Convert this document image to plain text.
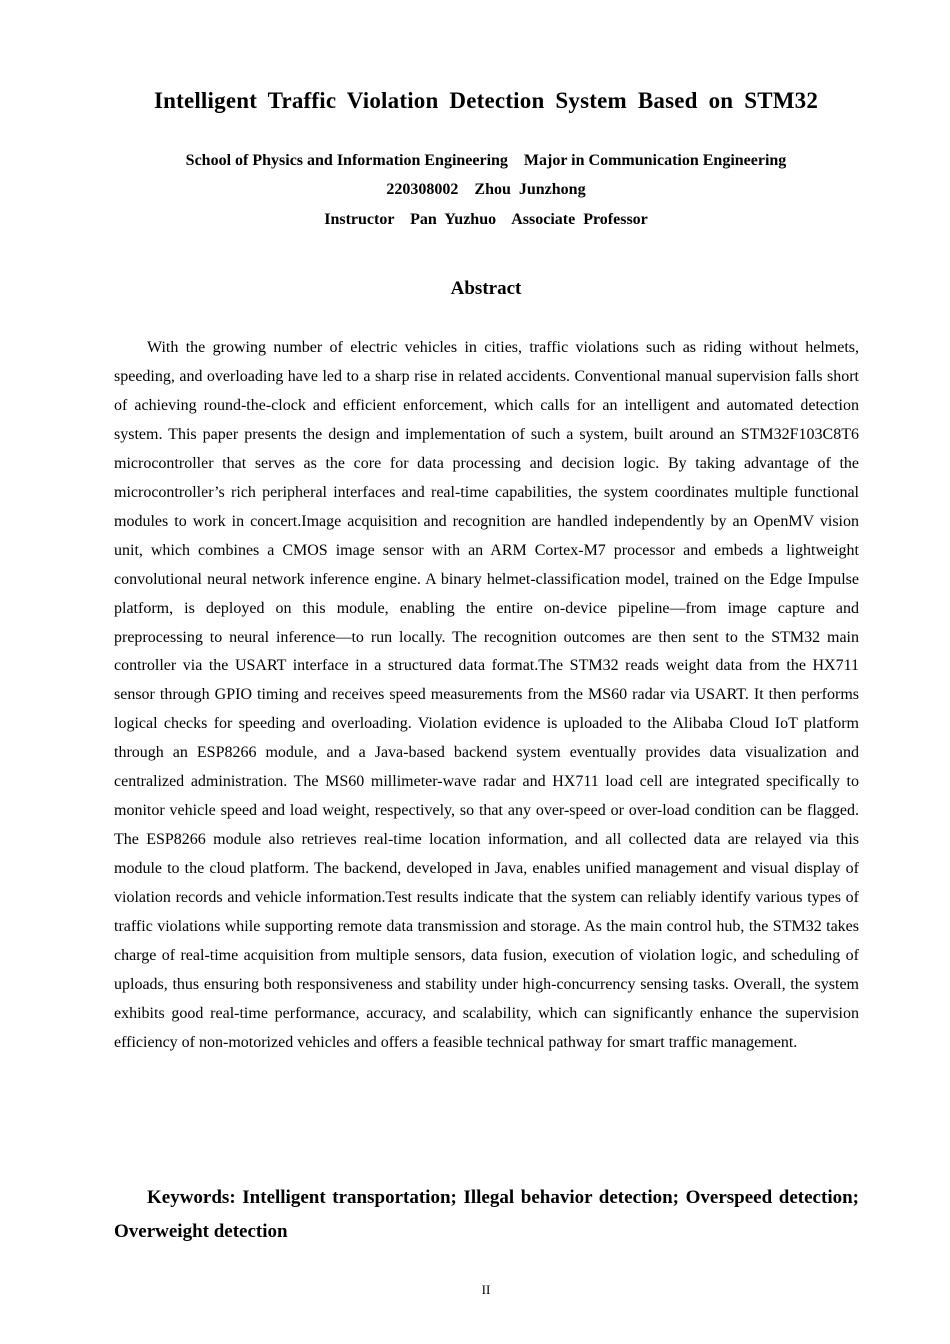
Intelligent Traffic Violation Detection System Based on STM32

School of Physics and Information Engineering    Major in Communication Engineering

220308002    Zhou  Junzhong

Instructor    Pan  Yuzhuo    Associate  Professor

Abstract

With the growing number of electric vehicles in cities, traffic violations such as riding without helmets, speeding, and overloading have led to a sharp rise in related accidents. Conventional manual supervision falls short of achieving round-the-clock and efficient enforcement, which calls for an intelligent and automated detection system. This paper presents the design and implementation of such a system, built around an STM32F103C8T6 microcontroller that serves as the core for data processing and decision logic. By taking advantage of the microcontroller’s rich peripheral interfaces and real-time capabilities, the system coordinates multiple functional modules to work in concert.Image acquisition and recognition are handled independently by an OpenMV vision unit, which combines a CMOS image sensor with an ARM Cortex-M7 processor and embeds a lightweight convolutional neural network inference engine. A binary helmet-classification model, trained on the Edge Impulse platform, is deployed on this module, enabling the entire on-device pipeline—from image capture and preprocessing to neural inference—to run locally. The recognition outcomes are then sent to the STM32 main controller via the USART interface in a structured data format.The STM32 reads weight data from the HX711 sensor through GPIO timing and receives speed measurements from the MS60 radar via USART. It then performs logical checks for speeding and overloading. Violation evidence is uploaded to the Alibaba Cloud IoT platform through an ESP8266 module, and a Java-based backend system eventually provides data visualization and centralized administration. The MS60 millimeter-wave radar and HX711 load cell are integrated specifically to monitor vehicle speed and load weight, respectively, so that any over-speed or over-load condition can be flagged. The ESP8266 module also retrieves real-time location information, and all collected data are relayed via this module to the cloud platform. The backend, developed in Java, enables unified management and visual display of violation records and vehicle information.Test results indicate that the system can reliably identify various types of traffic violations while supporting remote data transmission and storage. As the main control hub, the STM32 takes charge of real-time acquisition from multiple sensors, data fusion, execution of violation logic, and scheduling of uploads, thus ensuring both responsiveness and stability under high-concurrency sensing tasks. Overall, the system exhibits good real-time performance, accuracy, and scalability, which can significantly enhance the supervision efficiency of non-motorized vehicles and offers a feasible technical pathway for smart traffic management.

Keywords: Intelligent transportation; Illegal behavior detection; Overspeed detection; Overweight detection

II
